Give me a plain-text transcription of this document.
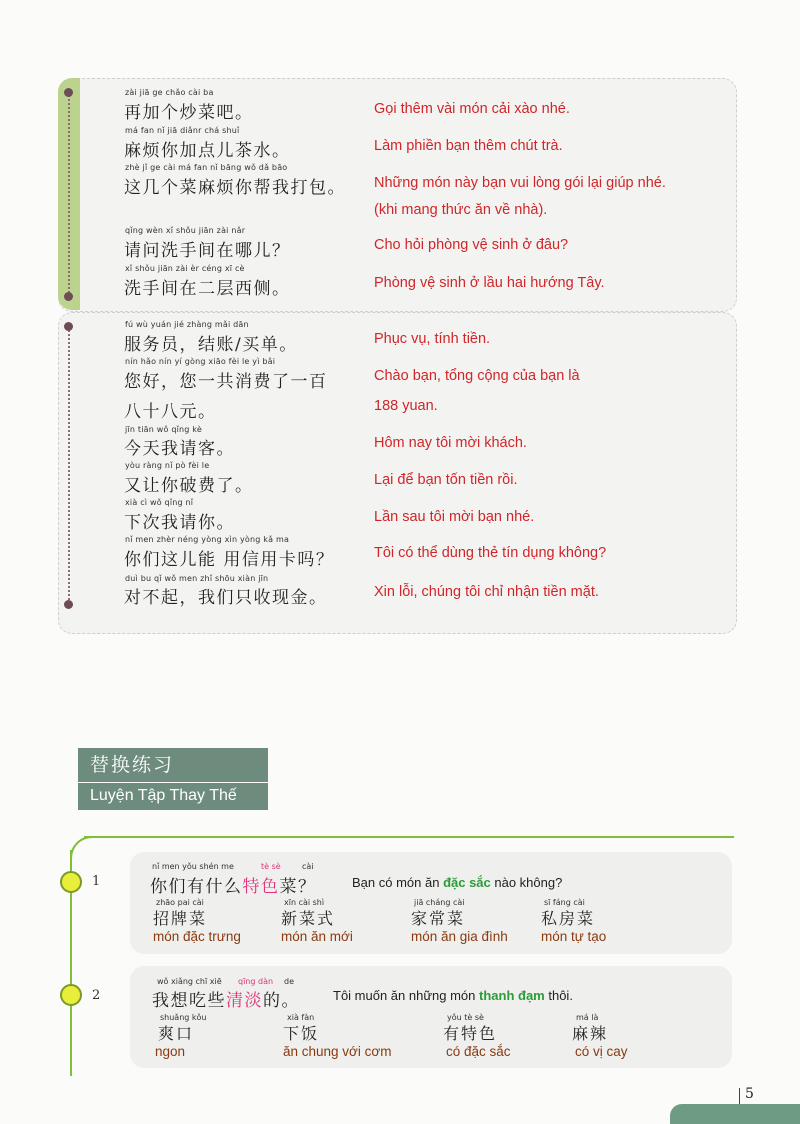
zài jiā ge chǎo cài ba
再加个炒菜吧。	Gọi thêm vài món cải xào nhé.
má fan nǐ jiā diǎnr chá shuǐ
麻烦你加点儿茶水。	Làm phiền bạn thêm chút trà.
zhè jǐ ge cài má fan nǐ bāng wǒ dǎ bāo
这几个菜麻烦你帮我打包。 Những món này bạn vui lòng gói lại giúp nhé.
(khi mang thức ăn về nhà).
qǐng wèn xǐ shǒu jiān zài nǎr
请问洗手间在哪儿？	Cho hỏi phòng vệ sinh ở đâu?
xǐ shǒu jiān zài èr céng xī cè
洗手间在二层西侧。	Phòng vệ sinh ở lầu hai hướng Tây.
fú wù yuán jié zhàng mǎi dān
服务员，结账/买单。	Phục vụ, tính tiền.
nín hǎo nín yí gòng xiāo fèi le yì bǎi
您好，您一共消费了一百
八十八元。
Chào bạn, tổng cộng của bạn là
188 yuan.
jīn tiān wǒ qǐng kè
今天我请客。	Hôm nay tôi mời khách.
yòu ràng nǐ pò fèi le
又让你破费了。	Lại để bạn tốn tiền rồi.
xià cì wǒ qǐng nǐ
下次我请你。	Lần sau tôi mời bạn nhé.
nǐ men zhèr néng yòng xìn yòng kǎ ma
你们这儿能 用信用卡吗？	Tôi có thể dùng thẻ tín dụng không?
duì bu qǐ wǒ men zhǐ shōu xiàn jīn
对不起，我们只收现金。	Xin lỗi, chúng tôi chỉ nhận tiền mặt.
替换练习
Luyện Tập Thay Thế
1
nǐ men yǒu shén me	tè sè	cài
你们有什么特色菜？	Bạn có món ăn đặc sắc nào không?
zhāo pai cài
招牌菜
món đặc trưng
xīn cài shì
新菜式
món ăn mới
jiā cháng cài
家常菜
món ăn gia đình
sī fáng cài
私房菜
món tự tạo
2
wǒ xiǎng chī xiē qīng dàn de
我想吃些清淡的。	Tôi muốn ăn những món thanh đạm thôi.
shuǎng kǒu
爽口
ngon
xià fàn
下饭
ăn chung với cơm
yǒu tè sè
有特色
có đặc sắc
má là
麻辣
có vị cay
5
